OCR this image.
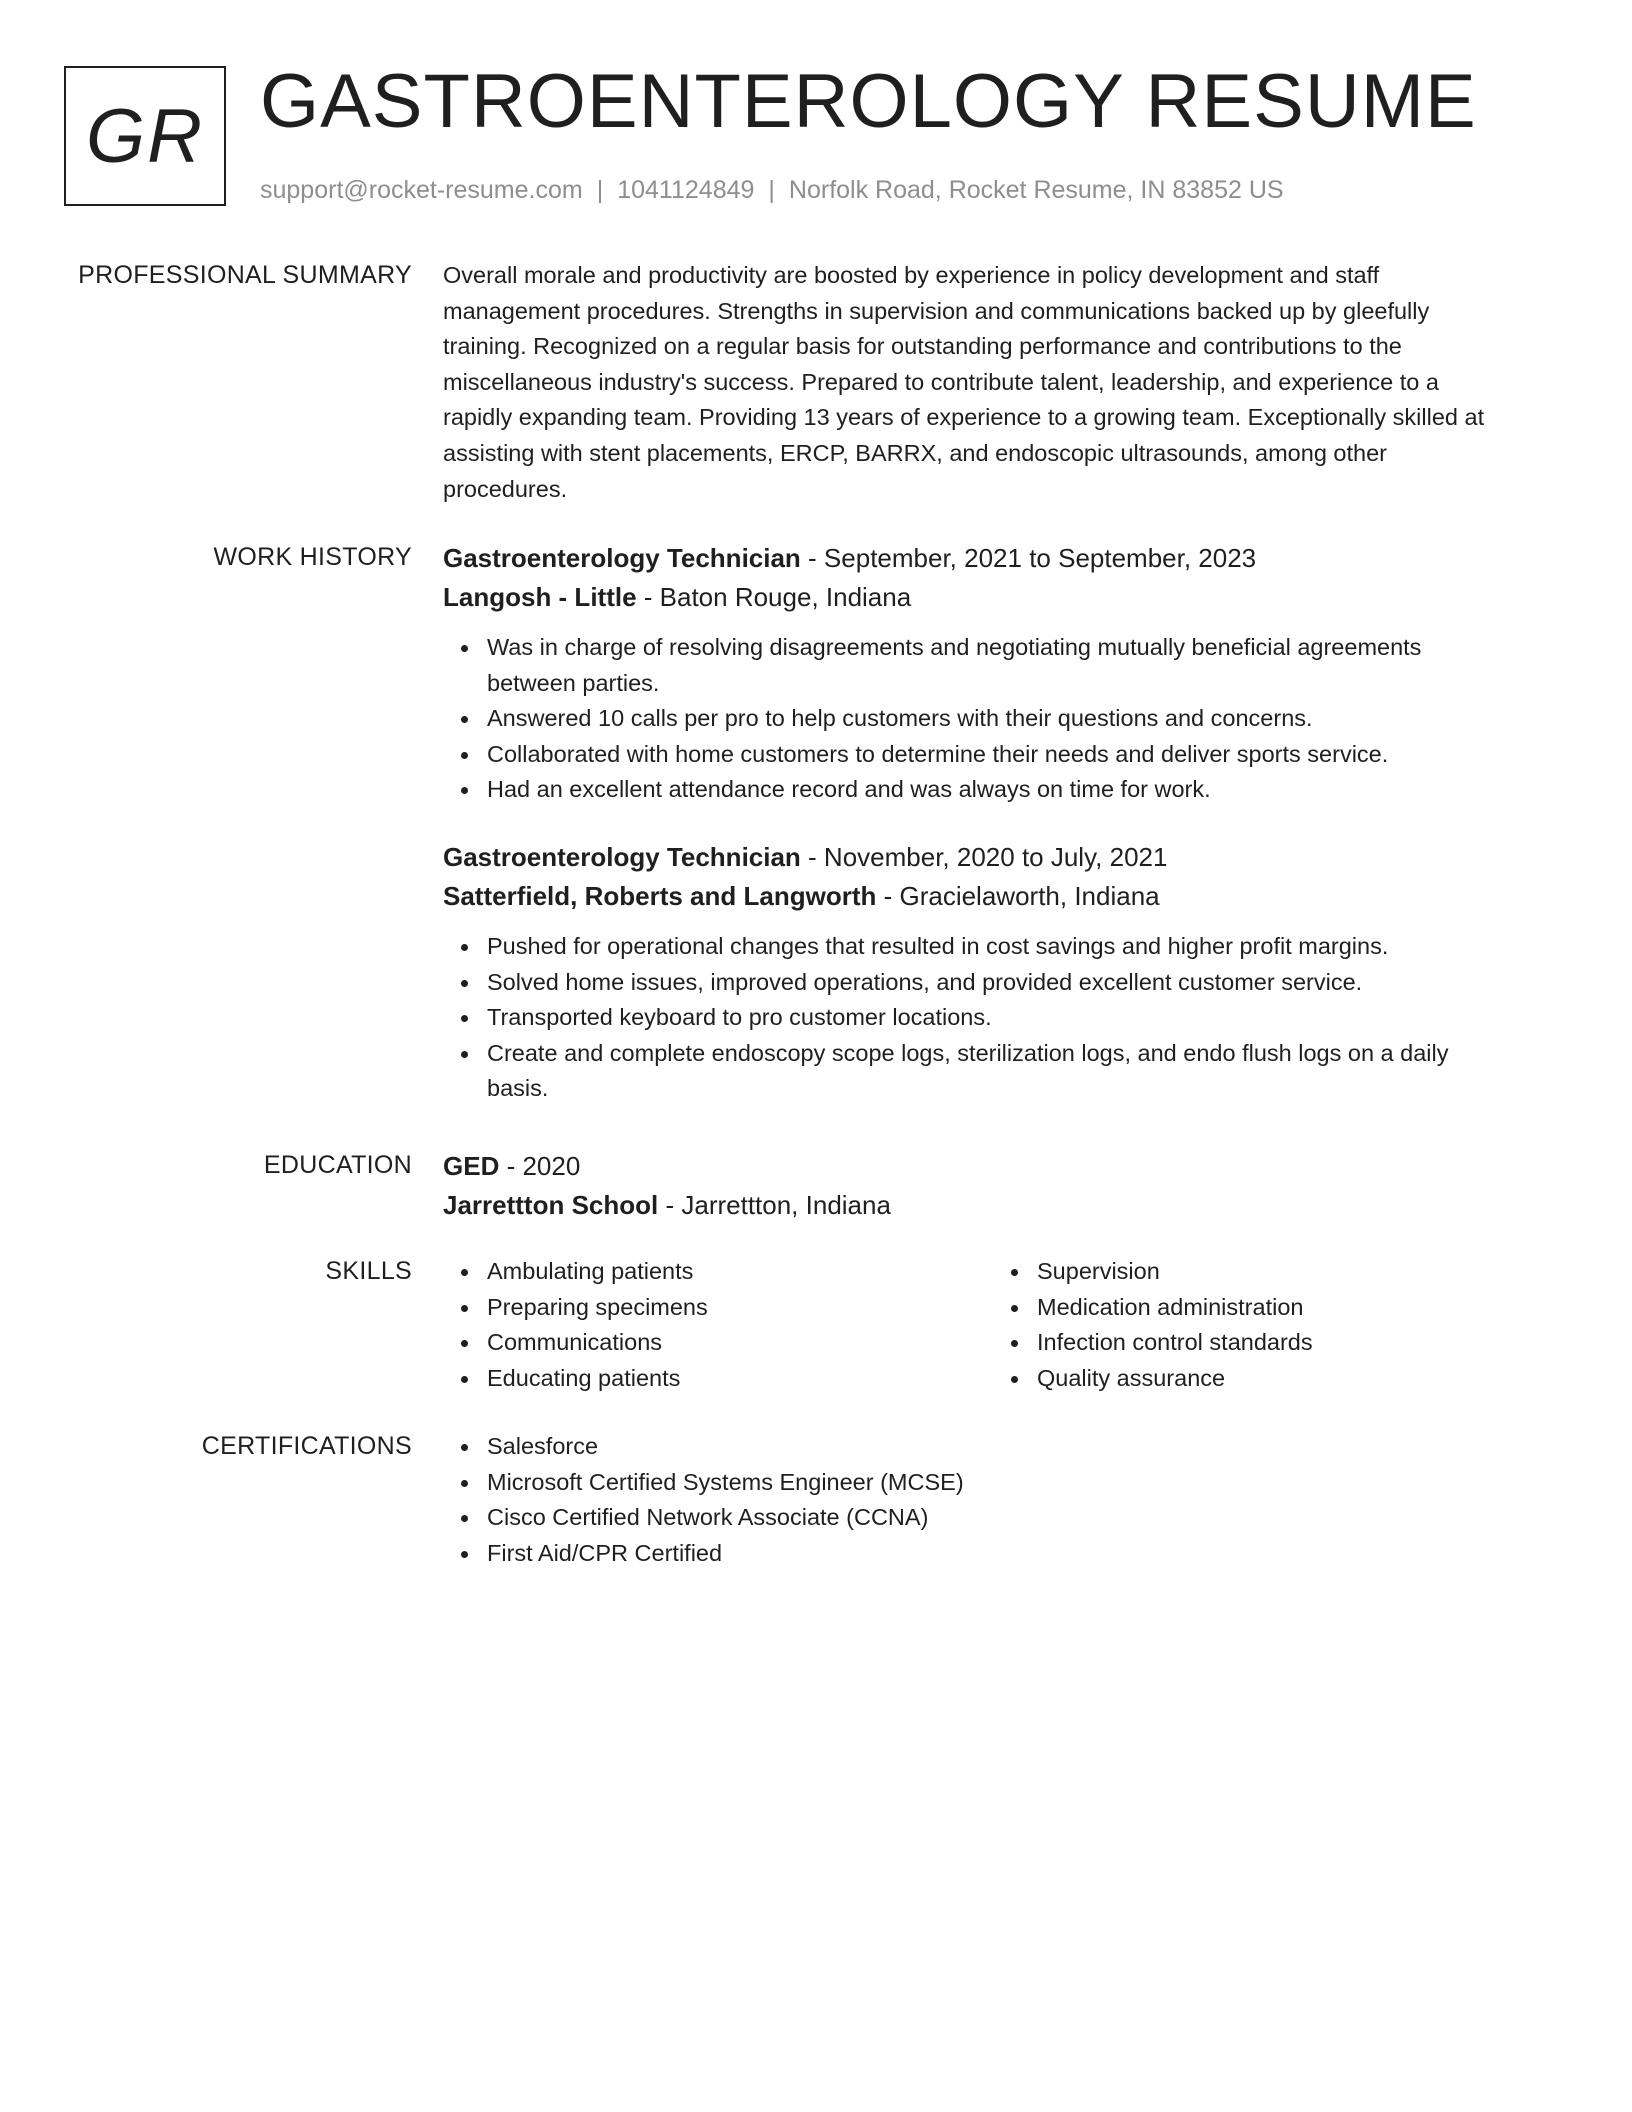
GR GASTROENTEROLOGY RESUME
support@rocket-resume.com | 1041124849 | Norfolk Road, Rocket Resume, IN 83852 US
PROFESSIONAL SUMMARY Overall morale and productivity are boosted by experience in policy development and staff
management procedures. Strengths in supervision and communications backed up by gleefully
training. Recognized on a regular basis for outstanding performance and contributions to the
miscellaneous industry's success. Prepared to contribute talent, leadership, and experience to a
rapidly expanding team. Providing 13 years of experience to a growing team. Exceptionally skilled at
assisting with stent placements, ERCP, BARRX, and endoscopic ultrasounds, among other
procedures.

WORK HISTORY Gastroenterology Technician - September, 2021 to September, 2023

Langosh - Little - Baton Rouge, Indiana

Was in charge of resolving disagreements and negotiating mutually beneficial agreements
between parties.
Answered 10 calls per pro to help customers with their questions and concerns.
Collaborated with home customers to determine their needs and deliver sports service.
Had an excellent attendance record and was always on time for work.

Gastroenterology Technician - November, 2020 to July, 2021

Satterfield, Roberts and Langworth - Gracielaworth, Indiana

Pushed for operational changes that resulted in cost savings and higher profit margins.
Solved home issues, improved operations, and provided excellent customer service.
Transported keyboard to pro customer locations.
Create and complete endoscopy scope logs, sterilization logs, and endo flush logs on a daily
basis.
EDUCATION GED - 2020

Jarrettton School - Jarrettton, Indiana

SKILLS	Ambulating patients
Preparing specimens
Communications
Educating patients
Supervision
Medication administration
Infection control standards
Quality assurance
CERTIFICATIONS	Salesforce
Microsoft Certified Systems Engineer (MCSE)
Cisco Certified Network Associate (CCNA)
First Aid/CPR Certified
